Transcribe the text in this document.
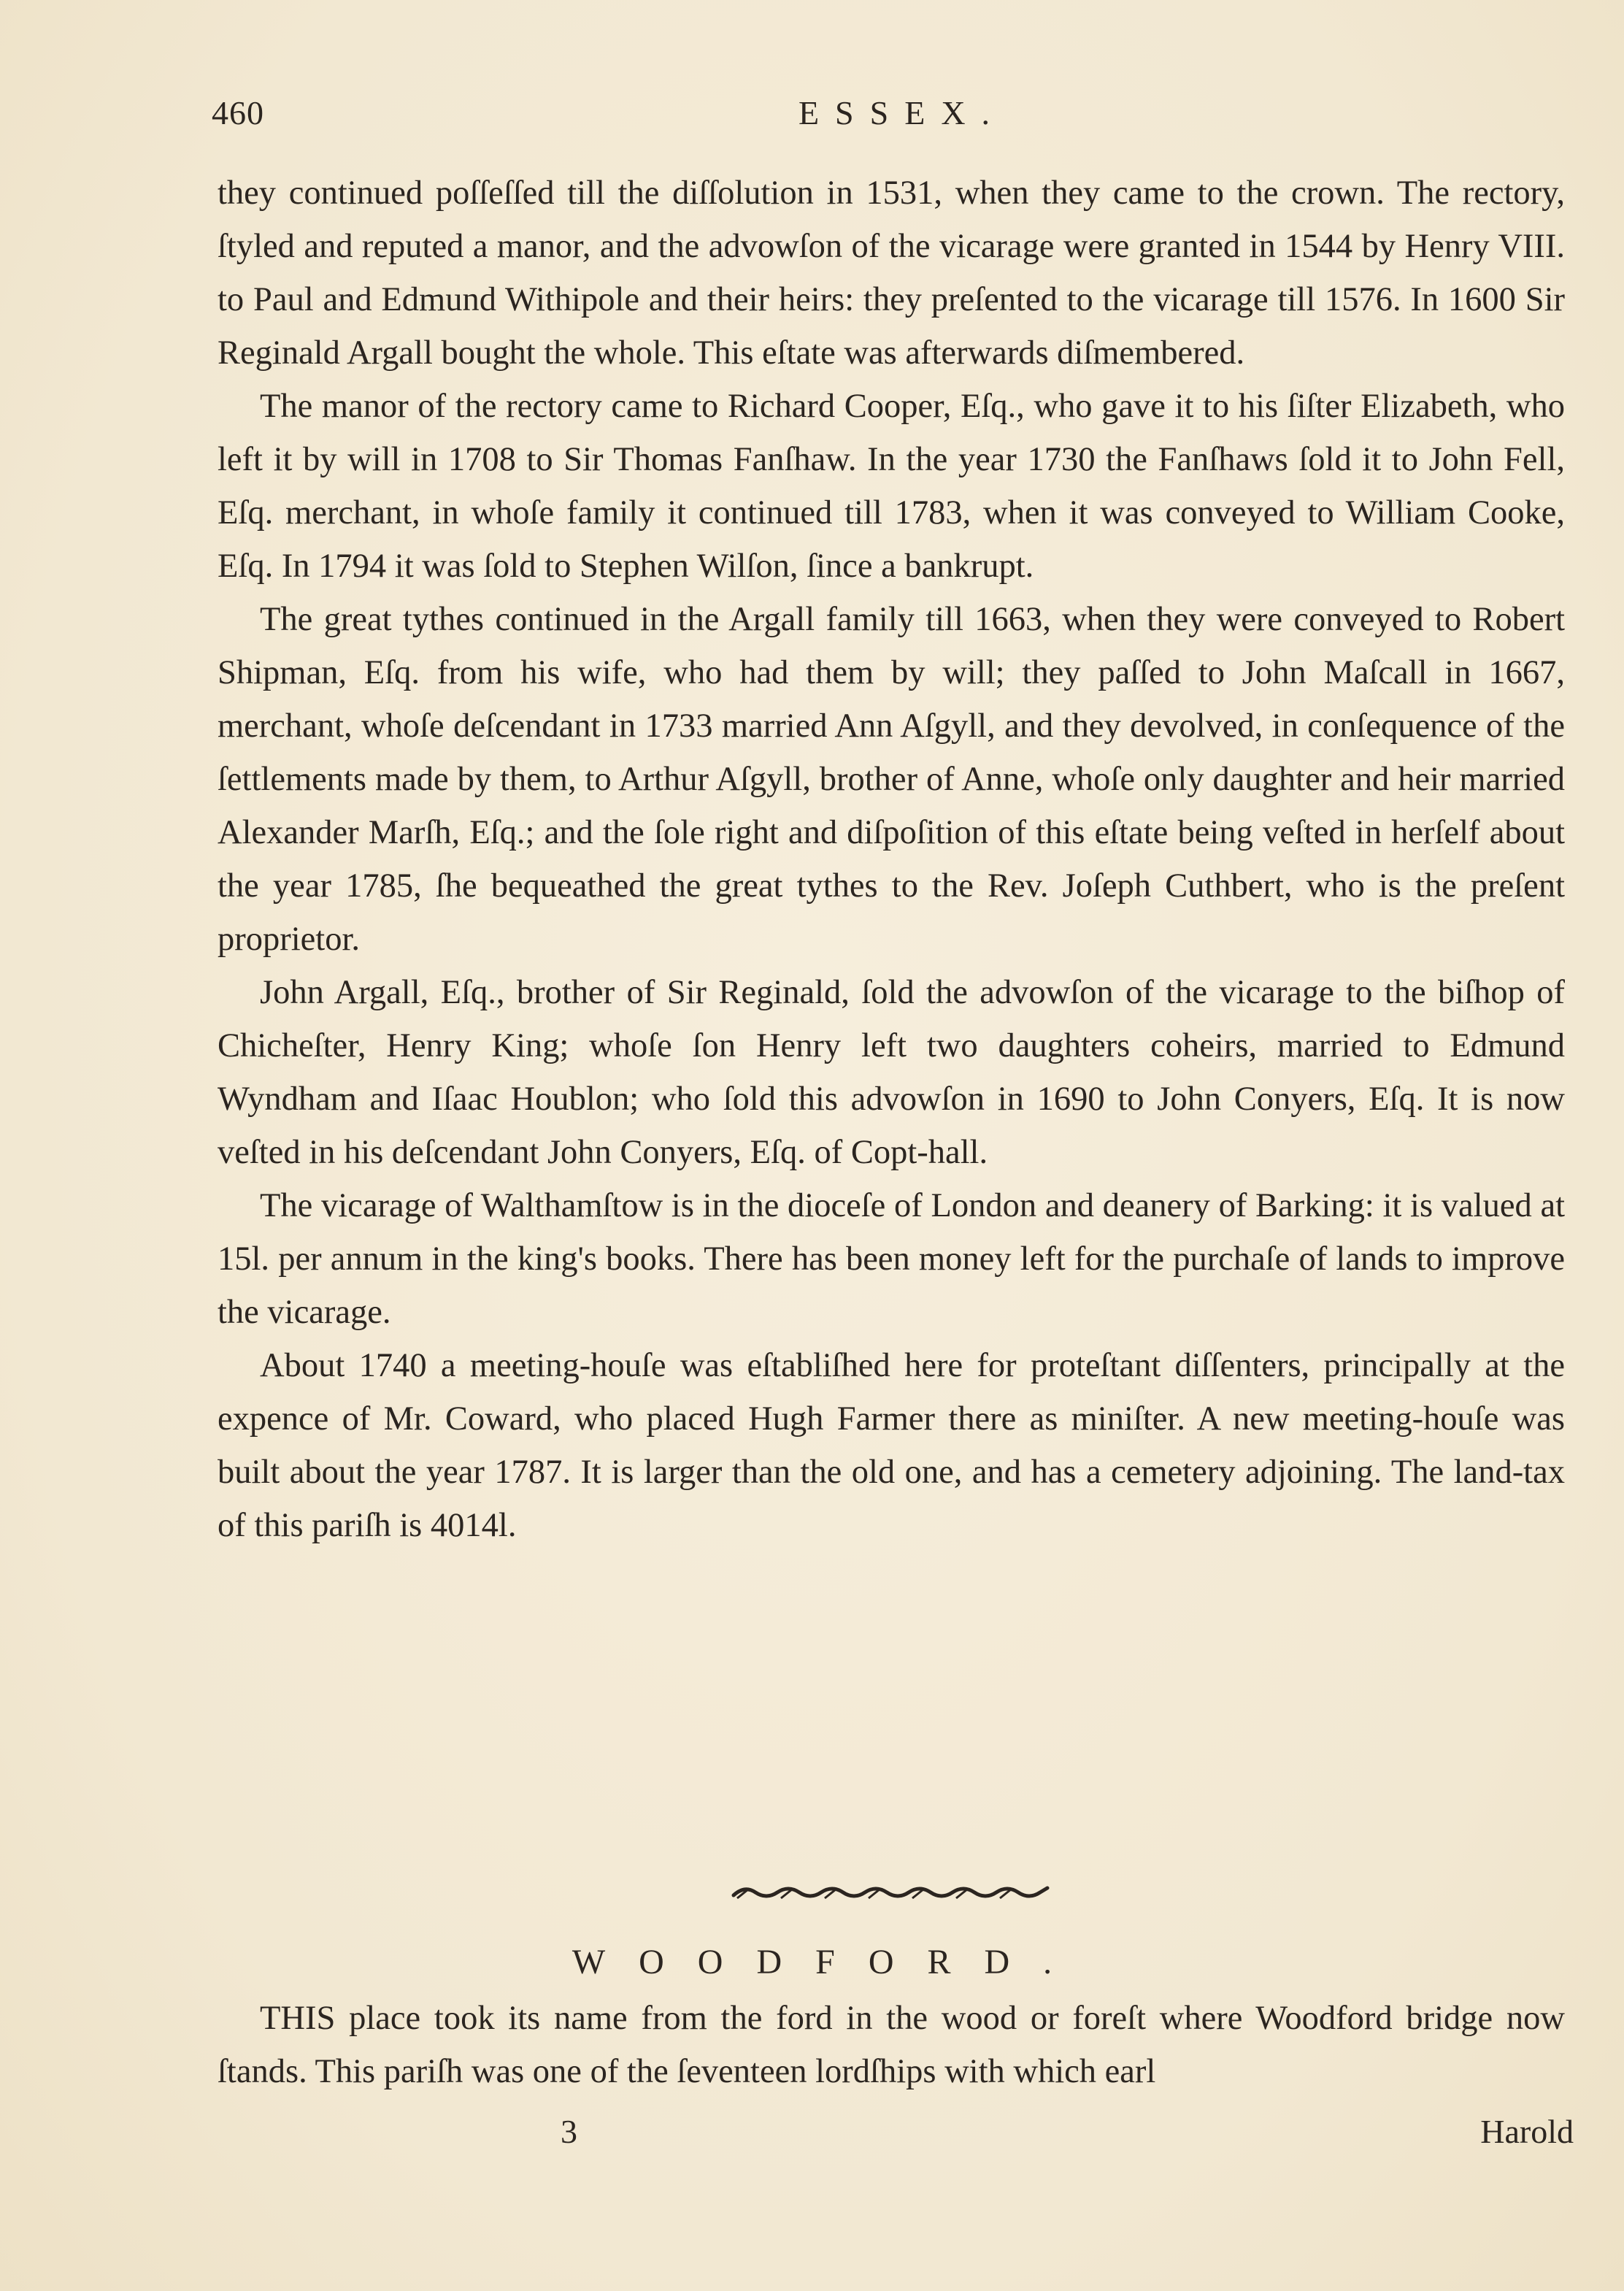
460	ESSEX.

they continued poſſeſſed till the diſſolution in 1531, when they came to the crown. The rectory, ſtyled and reputed a manor, and the advowſon of the vicarage were granted in 1544 by Henry VIII. to Paul and Edmund Withipole and their heirs: they preſented to the vicarage till 1576. In 1600 Sir Reginald Argall bought the whole. This eſtate was afterwards diſmembered.

The manor of the rectory came to Richard Cooper, Eſq., who gave it to his ſiſter Elizabeth, who left it by will in 1708 to Sir Thomas Fanſhaw. In the year 1730 the Fanſhaws ſold it to John Fell, Eſq. merchant, in whoſe family it continued till 1783, when it was conveyed to William Cooke, Eſq. In 1794 it was ſold to Stephen Wilſon, ſince a bankrupt.

The great tythes continued in the Argall family till 1663, when they were conveyed to Robert Shipman, Eſq. from his wife, who had them by will; they paſſed to John Maſcall in 1667, merchant, whoſe deſcendant in 1733 married Ann Aſgyll, and they devolved, in conſequence of the ſettlements made by them, to Arthur Aſgyll, brother of Anne, whoſe only daughter and heir married Alexander Marſh, Eſq.; and the ſole right and diſpoſition of this eſtate being veſted in herſelf about the year 1785, ſhe bequeathed the great tythes to the Rev. Joſeph Cuthbert, who is the preſent proprietor.

John Argall, Eſq., brother of Sir Reginald, ſold the advowſon of the vicarage to the biſhop of Chicheſter, Henry King; whoſe ſon Henry left two daughters coheirs, married to Edmund Wyndham and Iſaac Houblon; who ſold this advowſon in 1690 to John Conyers, Eſq. It is now veſted in his deſcendant John Conyers, Eſq. of Copt-hall.

The vicarage of Walthamſtow is in the dioceſe of London and deanery of Barking: it is valued at 15l. per annum in the king's books. There has been money left for the purchaſe of lands to improve the vicarage.

About 1740 a meeting-houſe was eſtabliſhed here for proteſtant diſſenters, principally at the expence of Mr. Coward, who placed Hugh Farmer there as miniſter. A new meeting-houſe was built about the year 1787. It is larger than the old one, and has a cemetery adjoining. The land-tax of this pariſh is 4014l.

WOODFORD.

THIS place took its name from the ford in the wood or foreſt where Woodford bridge now ſtands. This pariſh was one of the ſeventeen lordſhips with which earl

3	Harold
